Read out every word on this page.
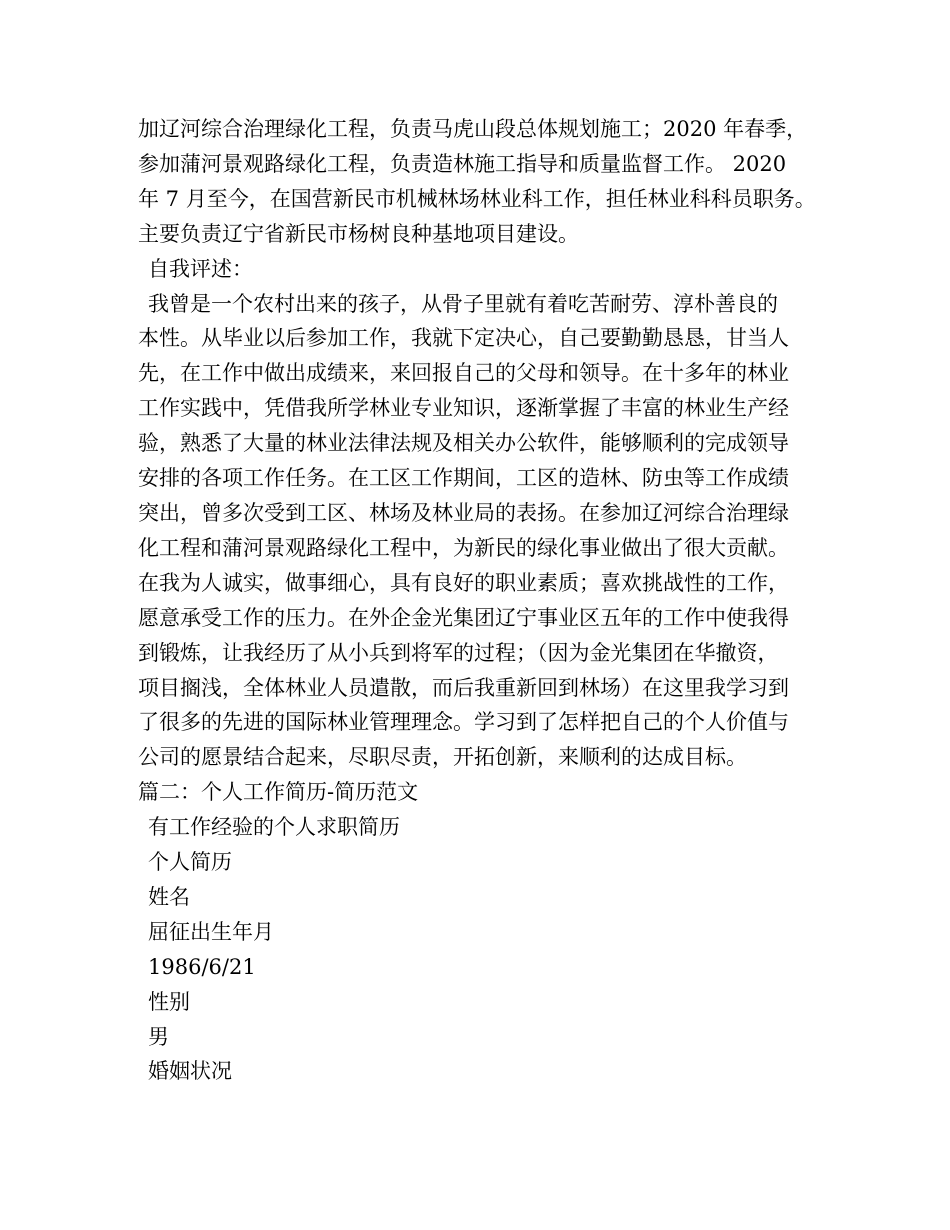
加辽河综合治理绿化工程，负责马虎山段总体规划施工；2020 年春季，
参加蒲河景观路绿化工程，负责造林施工指导和质量监督工作。 2020
年 7 月至今，在国营新民市机械林场林业科工作，担任林业科科员职务。
主要负责辽宁省新民市杨树良种基地项目建设。
自我评述：
我曾是一个农村出来的孩子，从骨子里就有着吃苦耐劳、淳朴善良的
本性。从毕业以后参加工作，我就下定决心，自己要勤勤恳恳，甘当人
先，在工作中做出成绩来，来回报自己的父母和领导。在十多年的林业
工作实践中，凭借我所学林业专业知识，逐渐掌握了丰富的林业生产经
验，熟悉了大量的林业法律法规及相关办公软件，能够顺利的完成领导
安排的各项工作任务。在工区工作期间，工区的造林、防虫等工作成绩
突出，曾多次受到工区、林场及林业局的表扬。在参加辽河综合治理绿
化工程和蒲河景观路绿化工程中，为新民的绿化事业做出了很大贡献。
在我为人诚实，做事细心，具有良好的职业素质；喜欢挑战性的工作，
愿意承受工作的压力。在外企金光集团辽宁事业区五年的工作中使我得
到锻炼，让我经历了从小兵到将军的过程；（因为金光集团在华撤资，
项目搁浅，全体林业人员遣散，而后我重新回到林场）在这里我学习到
了很多的先进的国际林业管理理念。学习到了怎样把自己的个人价值与
公司的愿景结合起来，尽职尽责，开拓创新，来顺利的达成目标。
篇二：个人工作简历-简历范文
有工作经验的个人求职简历
个人简历
姓名
屈征出生年月
1986/6/21
性别
男
婚姻状况
